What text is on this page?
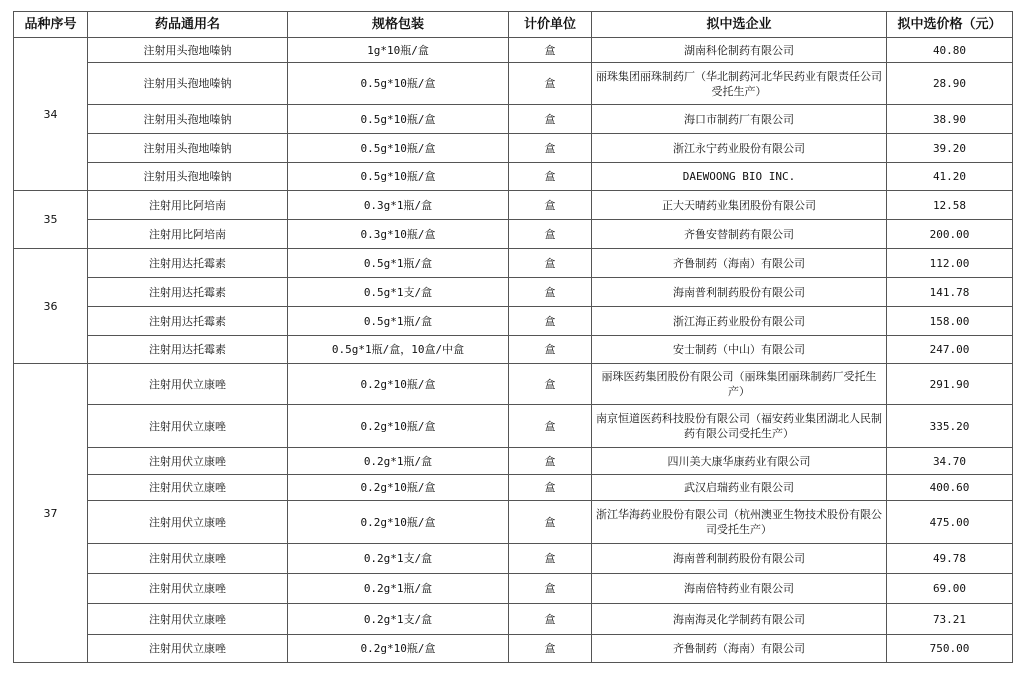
品种序号	药品通用名	规格包装	计价单位	拟中选企业	拟中选价格（元）
34	注射用头孢地嗪钠	1g*10瓶/盒	盒	湖南科伦制药有限公司	40.80
	注射用头孢地嗪钠	0.5g*10瓶/盒	盒	丽珠集团丽珠制药厂（华北制药河北华民药业有限责任公司受托生产）	28.90
	注射用头孢地嗪钠	0.5g*10瓶/盒	盒	海口市制药厂有限公司	38.90
	注射用头孢地嗪钠	0.5g*10瓶/盒	盒	浙江永宁药业股份有限公司	39.20
	注射用头孢地嗪钠	0.5g*10瓶/盒	盒	DAEWOONG BIO INC.	41.20
35	注射用比阿培南	0.3g*1瓶/盒	盒	正大天晴药业集团股份有限公司	12.58
	注射用比阿培南	0.3g*10瓶/盒	盒	齐鲁安替制药有限公司	200.00
36	注射用达托霉素	0.5g*1瓶/盒	盒	齐鲁制药（海南）有限公司	112.00
	注射用达托霉素	0.5g*1支/盒	盒	海南普利制药股份有限公司	141.78
	注射用达托霉素	0.5g*1瓶/盒	盒	浙江海正药业股份有限公司	158.00
	注射用达托霉素	0.5g*1瓶/盒，10盒/中盒	盒	安士制药（中山）有限公司	247.00
37	注射用伏立康唑	0.2g*10瓶/盒	盒	丽珠医药集团股份有限公司（丽珠集团丽珠制药厂受托生产）	291.90
	注射用伏立康唑	0.2g*10瓶/盒	盒	南京恒道医药科技股份有限公司（福安药业集团湖北人民制药有限公司受托生产）	335.20
	注射用伏立康唑	0.2g*1瓶/盒	盒	四川美大康华康药业有限公司	34.70
	注射用伏立康唑	0.2g*10瓶/盒	盒	武汉启瑞药业有限公司	400.60
	注射用伏立康唑	0.2g*10瓶/盒	盒	浙江华海药业股份有限公司（杭州澳亚生物技术股份有限公司受托生产）	475.00
	注射用伏立康唑	0.2g*1支/盒	盒	海南普利制药股份有限公司	49.78
	注射用伏立康唑	0.2g*1瓶/盒	盒	海南倍特药业有限公司	69.00
	注射用伏立康唑	0.2g*1支/盒	盒	海南海灵化学制药有限公司	73.21
	注射用伏立康唑	0.2g*10瓶/盒	盒	齐鲁制药（海南）有限公司	750.00
